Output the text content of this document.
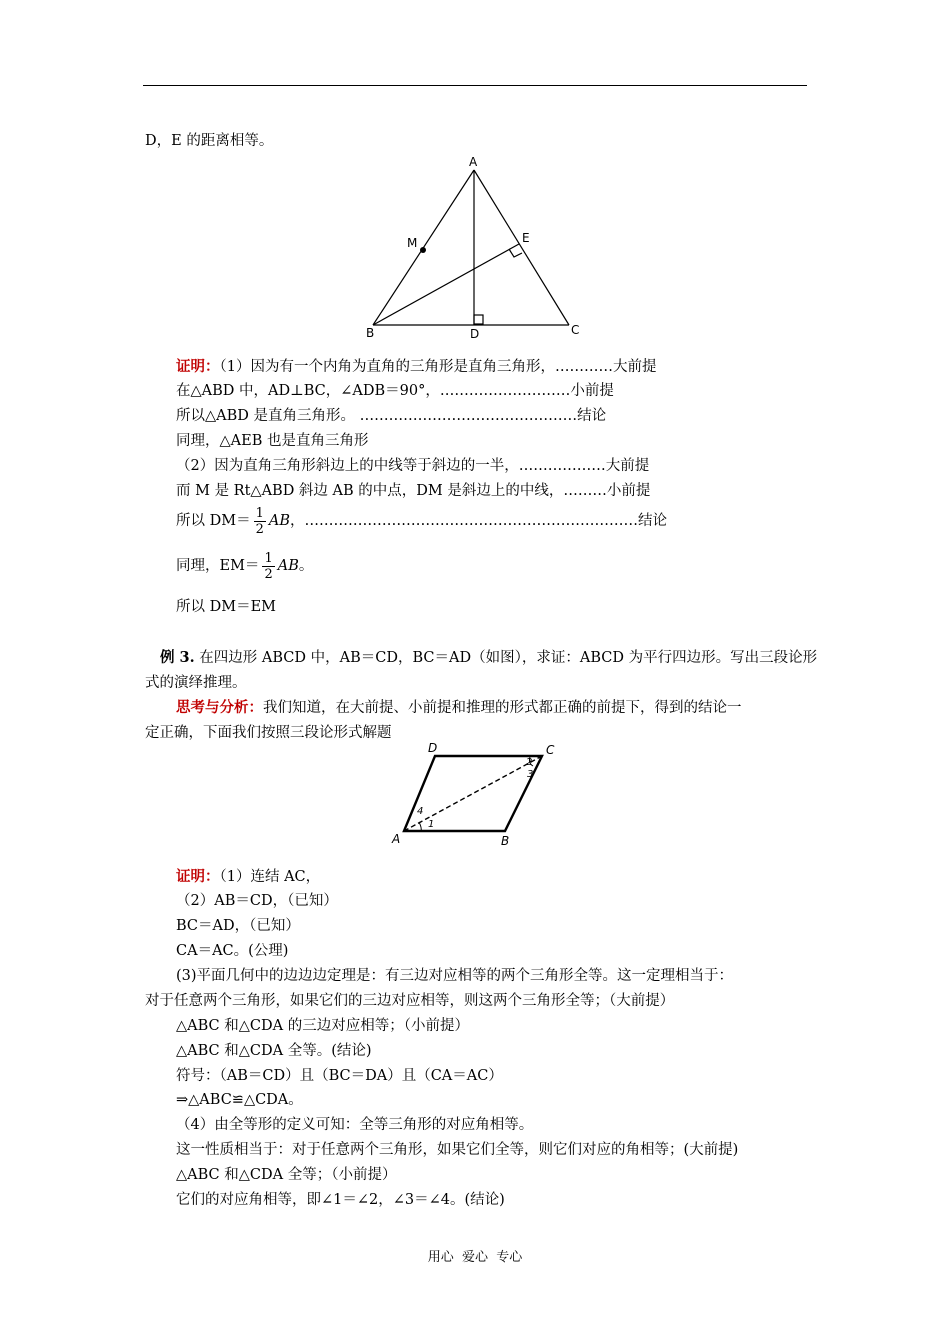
D，E 的距离相等。
A
B	C
D
E
M
证明：（1）因为有一个内角为直角的三角形是直角三角形，…………大前提
在△ABD 中，AD⊥BC，∠ADB＝90°，………………………小前提
所以△ABD 是直角三角形。 ………………………………………结论
同理，△AEB 也是直角三角形
（2）因为直角三角形斜边上的中线等于斜边的一半，………………大前提
而 M 是 Rt△ABD 斜边 AB 的中点，DM 是斜边上的中线，………小前提
所以 $DM= \frac{1}{2}$ AB，……………………………………………………………结论
同理，$EM= \frac{1}{2}$ AB。
所以 DM＝EM
例 3. 在四边形 ABCD 中，AB＝CD，BC＝AD（如图），求证：ABCD 为平行四边形。写出三段论形
式的演绎推理。
思考与分析：我们知道，在大前提、小前提和推理的形式都正确的前提下，得到的结论一
定正确，下面我们按照三段论形式解题
A	B
C
D
1
2
3
4
证明：（1）连结 AC，
（2）AB＝CD，（已知）
BC＝AD，（已知）
CA＝AC。(公理)
(3)平面几何中的边边边定理是：有三边对应相等的两个三角形全等。这一定理相当于：
对于任意两个三角形，如果它们的三边对应相等，则这两个三角形全等；（大前提）
△ABC 和△CDA 的三边对应相等；（小前提）
△ABC 和△CDA 全等。(结论)
符号：（AB＝CD）且（BC＝DA）且（CA＝AC）
⇒△ABC≌△CDA。
（4）由全等形的定义可知：全等三角形的对应角相等。
这一性质相当于：对于任意两个三角形，如果它们全等，则它们对应的角相等；(大前提)
△ABC 和△CDA 全等；（小前提）
它们的对应角相等，即∠1＝∠2，∠3＝∠4。(结论)
用心  爱心  专心
